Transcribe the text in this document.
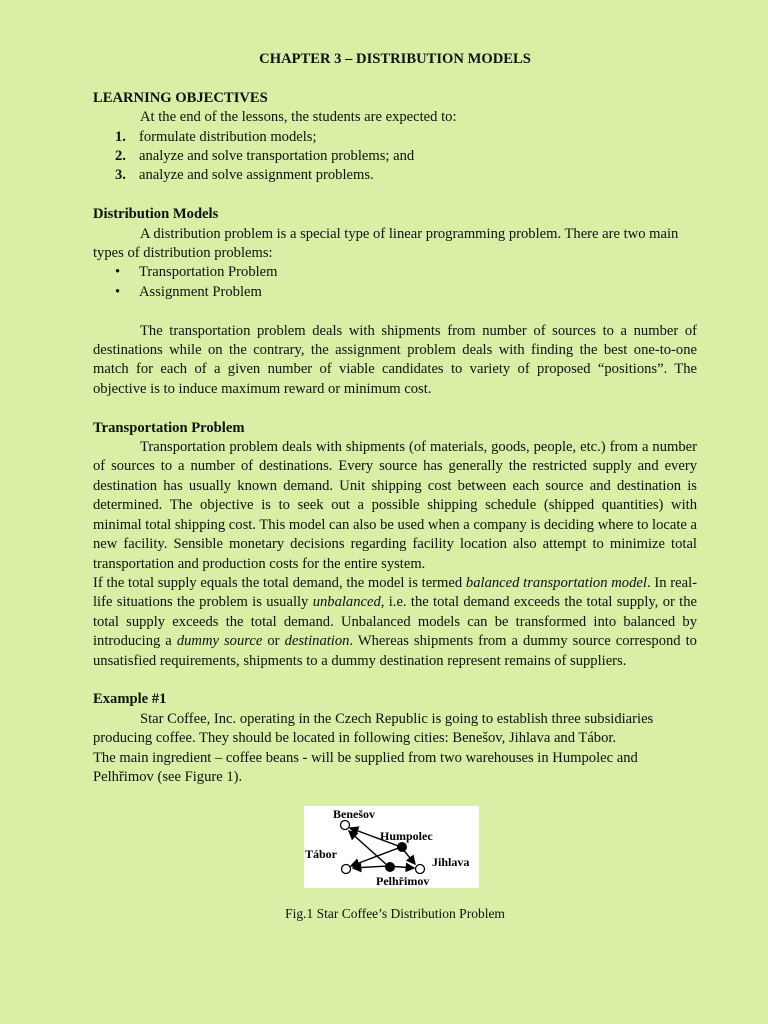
CHAPTER 3 – DISTRIBUTION MODELS

LEARNING OBJECTIVES

At the end of the lessons, the students are expected to:

1. formulate distribution models;
2. analyze and solve transportation problems; and
3. analyze and solve assignment problems.

Distribution Models

A distribution problem is a special type of linear programming problem. There are two main types of distribution problems:

• Transportation Problem
• Assignment Problem

The transportation problem deals with shipments from number of sources to a number of destinations while on the contrary, the assignment problem deals with finding the best one-to-one match for each of a given number of viable candidates to variety of proposed “positions”. The objective is to induce maximum reward or minimum cost.

Transportation Problem

Transportation problem deals with shipments (of materials, goods, people, etc.) from a number of sources to a number of destinations. Every source has generally the restricted supply and every destination has usually known demand. Unit shipping cost between each source and destination is determined. The objective is to seek out a possible shipping schedule (shipped quantities) with minimal total shipping cost. This model can also be used when a company is deciding where to locate a new facility. Sensible monetary decisions regarding facility location also attempt to minimize total transportation and production costs for the entire system.

If the total supply equals the total demand, the model is termed balanced transportation model. In real-life situations the problem is usually unbalanced, i.e. the total demand exceeds the total supply, or the total supply exceeds the total demand. Unbalanced models can be transformed into balanced by introducing a dummy source or destination. Whereas shipments from a dummy source correspond to unsatisfied requirements, shipments to a dummy destination represent remains of suppliers.

Example #1

Star Coffee, Inc. operating in the Czech Republic is going to establish three subsidiaries producing coffee. They should be located in following cities: Benešov, Jihlava and Tábor.

The main ingredient – coffee beans - will be supplied from two warehouses in Humpolec and Pelhřimov (see Figure 1).

Benešov
Humpolec
Tábor
Jihlava
Pelhřimov

Fig.1 Star Coffee’s Distribution Problem
